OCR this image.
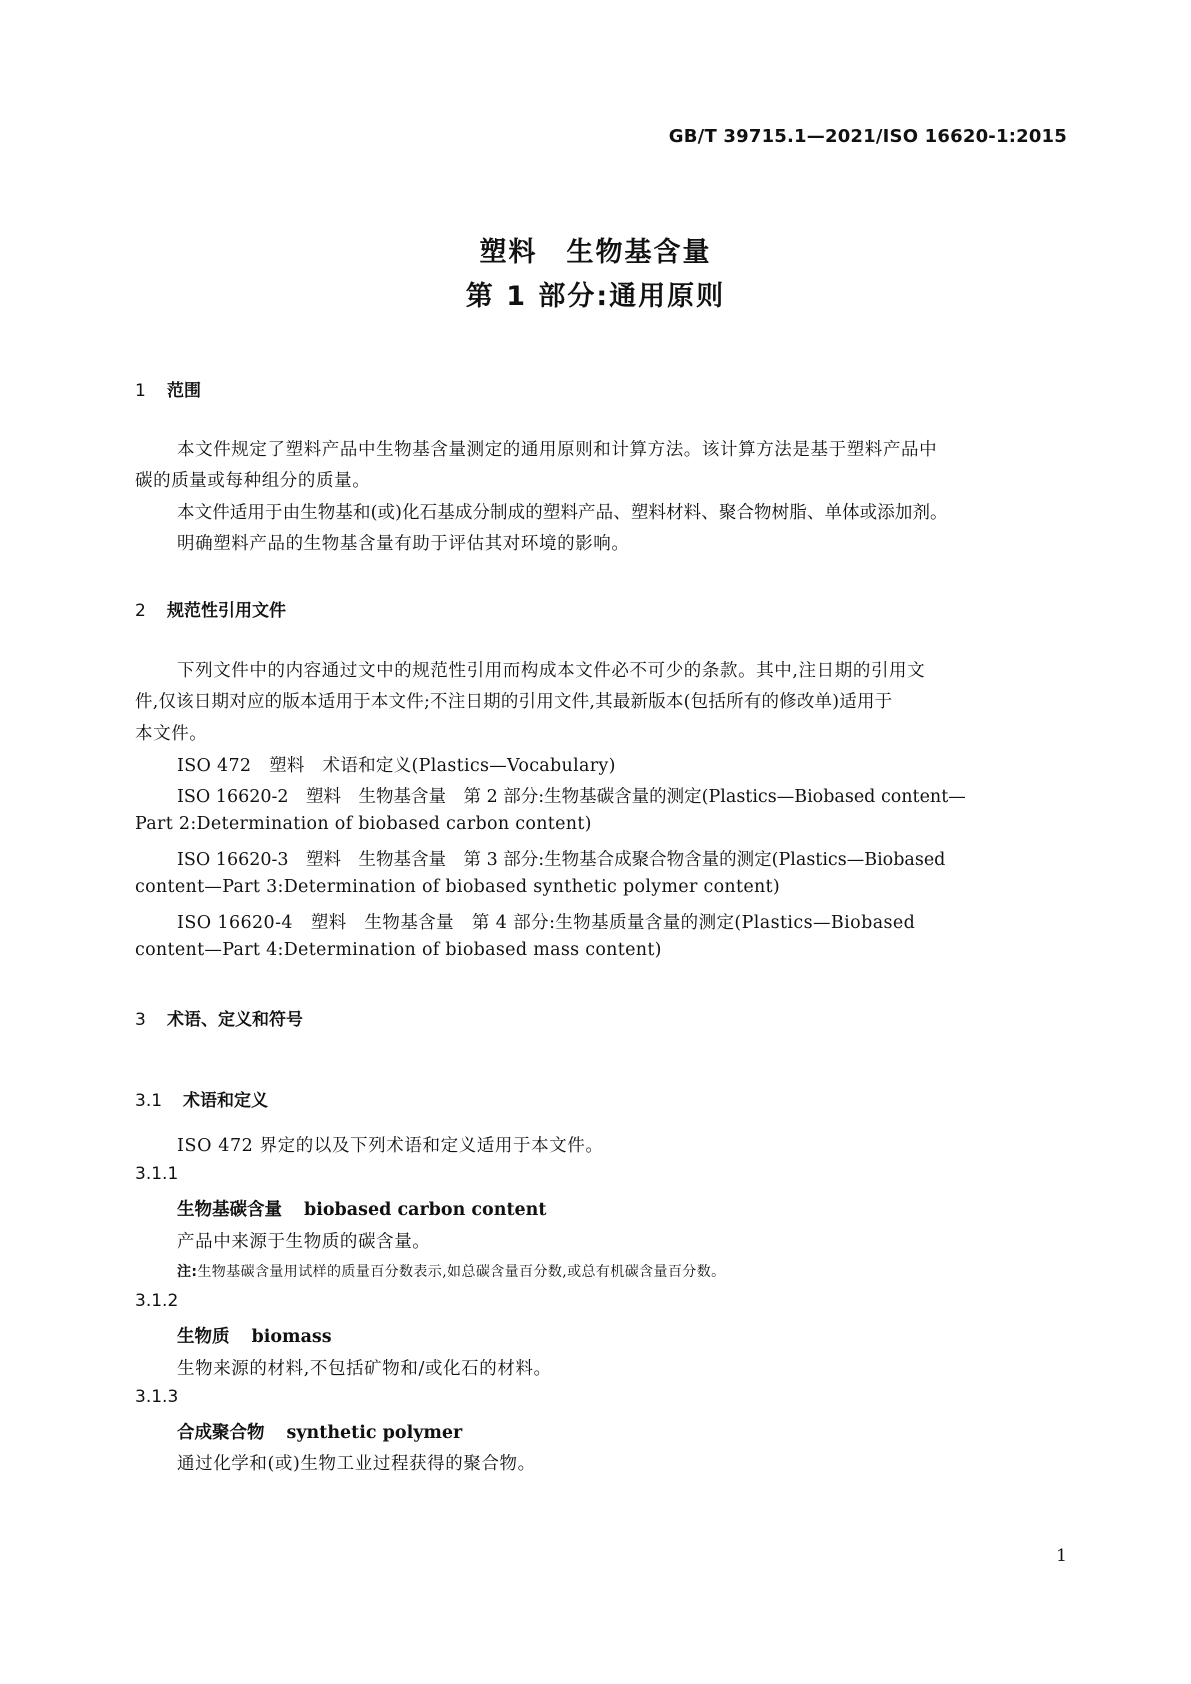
GB/T 39715.1—2021/ISO 16620-1:2015
塑料　生物基含量
第 1 部分:通用原则
1 范围
本文件规定了塑料产品中生物基含量测定的通用原则和计算方法。该计算方法是基于塑料产品中
碳的质量或每种组分的质量。
本文件适用于由生物基和(或)化石基成分制成的塑料产品、塑料材料、聚合物树脂、单体或添加剂。
明确塑料产品的生物基含量有助于评估其对环境的影响。
2 规范性引用文件
下列文件中的内容通过文中的规范性引用而构成本文件必不可少的条款。其中,注日期的引用文
件,仅该日期对应的版本适用于本文件;不注日期的引用文件,其最新版本(包括所有的修改单)适用于
本文件。
ISO 472　塑料　术语和定义(Plastics—Vocabulary)
ISO 16620-2　塑料　生物基含量　第 2 部分:生物基碳含量的测定(Plastics—Biobased content—
Part 2:Determination of biobased carbon content)
ISO 16620-3　塑料　生物基含量　第 3 部分:生物基合成聚合物含量的测定(Plastics—Biobased
content—Part 3:Determination of biobased synthetic polymer content)
ISO 16620-4　塑料　生物基含量　第 4 部分:生物基质量含量的测定(Plastics—Biobased
content—Part 4:Determination of biobased mass content)
3 术语、定义和符号
3.1 术语和定义
ISO 472 界定的以及下列术语和定义适用于本文件。
3.1.1
生物基碳含量 biobased carbon content
产品中来源于生物质的碳含量。
注:生物基碳含量用试样的质量百分数表示,如总碳含量百分数,或总有机碳含量百分数。
3.1.2
生物质 biomass
生物来源的材料,不包括矿物和/或化石的材料。
3.1.3
合成聚合物 synthetic polymer
通过化学和(或)生物工业过程获得的聚合物。
1
